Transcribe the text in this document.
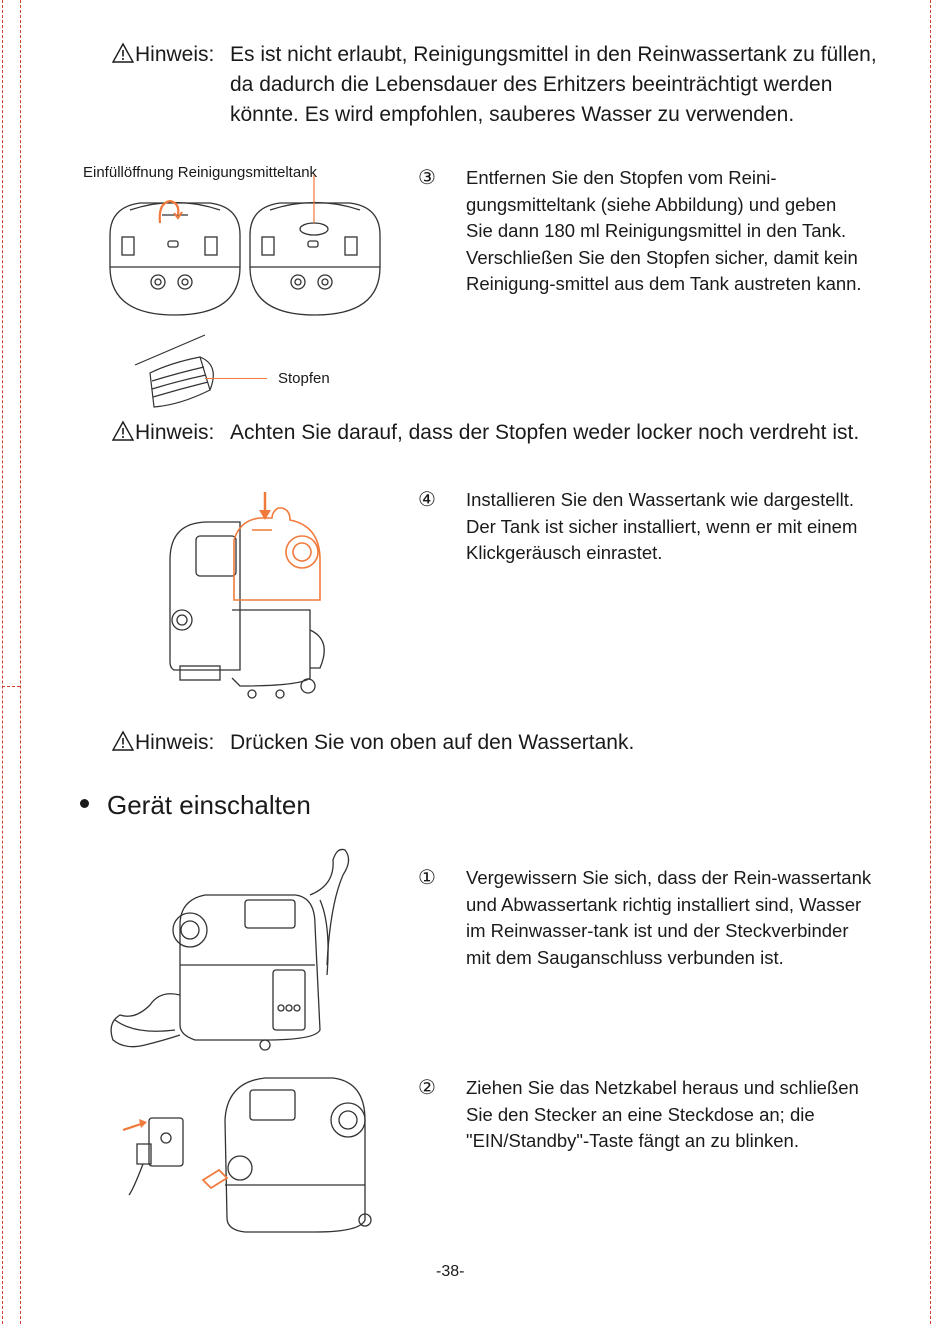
Hinweis: Es ist nicht erlaubt, Reinigungsmittel in den Reinwassertank zu füllen, da dadurch die Lebensdauer des Erhitzers beeinträchtigt werden könnte. Es wird empfohlen, sauberes Wasser zu verwenden.
Einfüllöffnung Reinigungsmitteltank
Stopfen
③ Entfernen Sie den Stopfen vom Reini-gungsmitteltank (siehe Abbildung) und geben Sie dann 180 ml Reinigungsmittel in den Tank. Verschließen Sie den Stopfen sicher, damit kein Reinigung-smittel aus dem Tank austreten kann.
Hinweis: Achten Sie darauf, dass der Stopfen weder locker noch verdreht ist.
④ Installieren Sie den Wassertank wie dargestellt. Der Tank ist sicher installiert, wenn er mit einem Klickgeräusch einrastet.
Hinweis: Drücken Sie von oben auf den Wassertank.
Gerät einschalten
① Vergewissern Sie sich, dass der Rein-wassertank und Abwassertank richtig installiert sind, Wasser im Reinwasser-tank ist und der Steckverbinder mit dem Sauganschluss verbunden ist.
② Ziehen Sie das Netzkabel heraus und schließen Sie den Stecker an eine Steckdose an; die "EIN/Standby"-Taste fängt an zu blinken.
-38-
